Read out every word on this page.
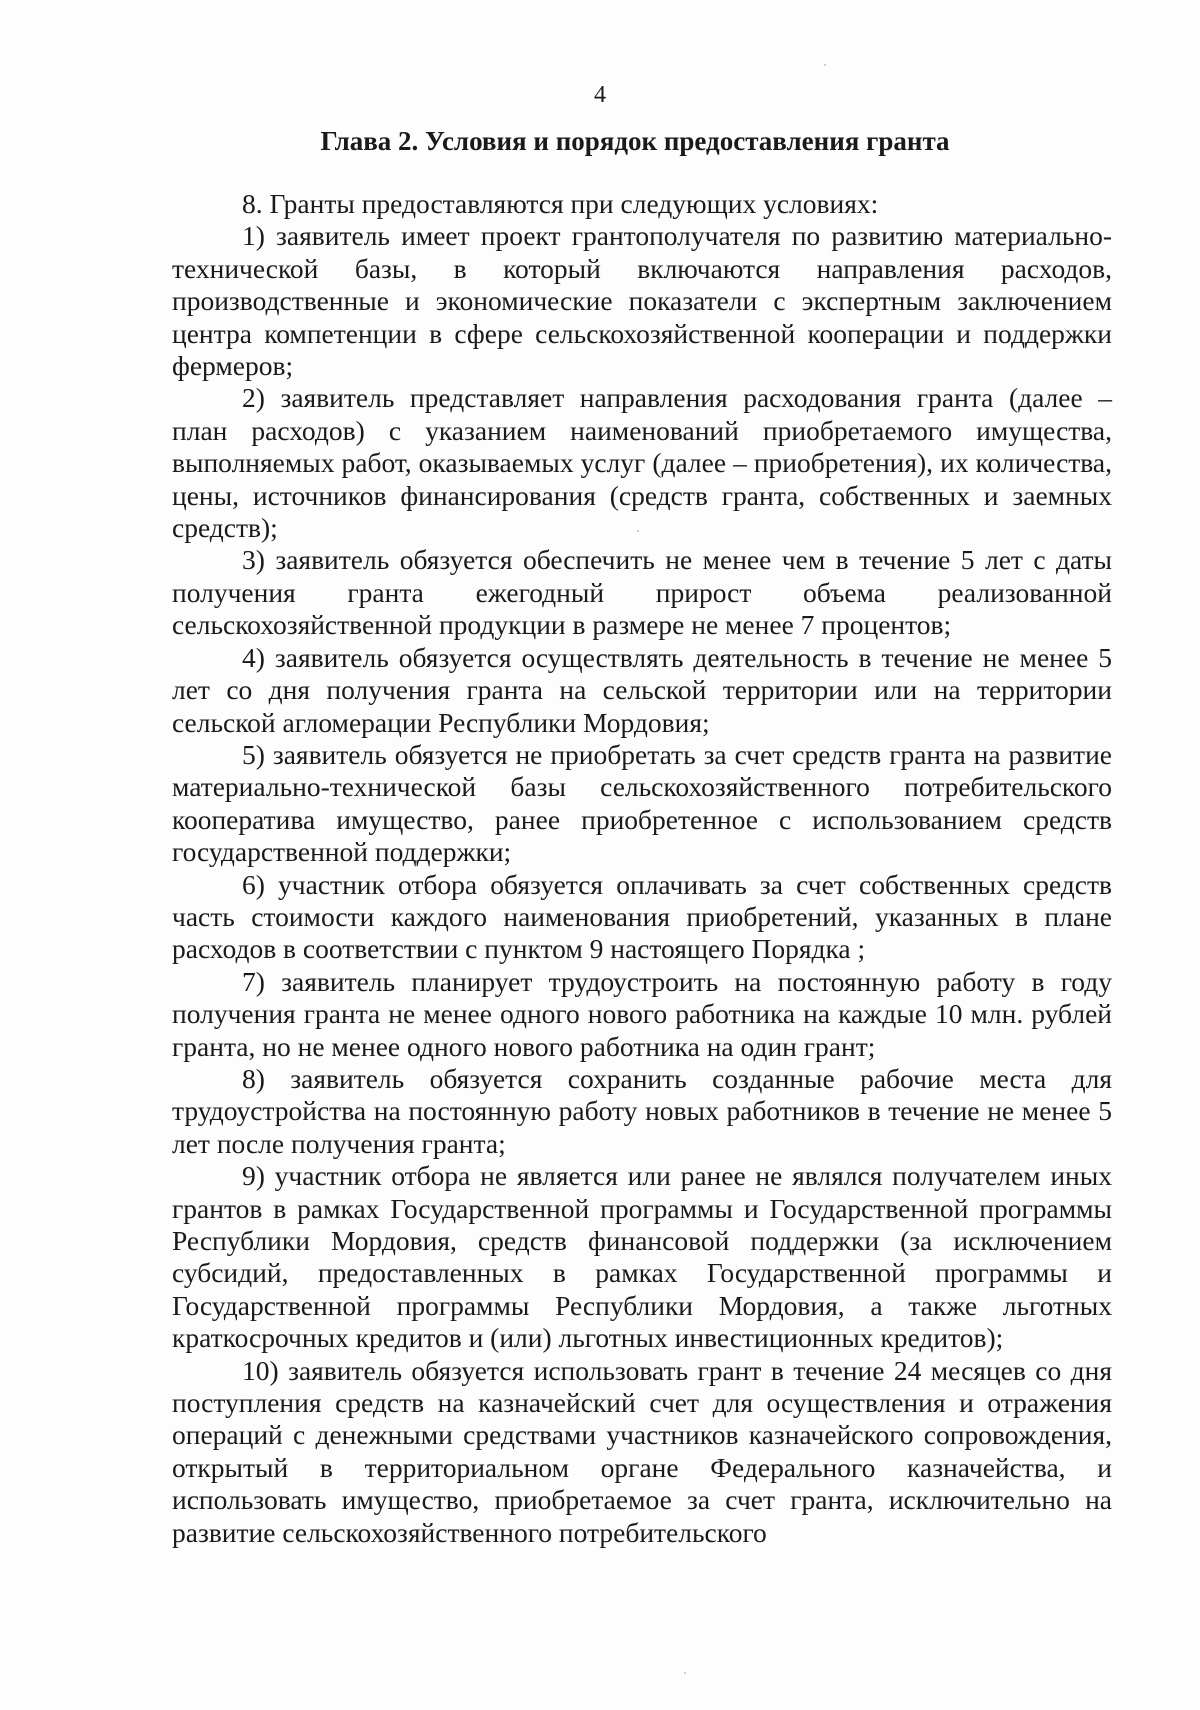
4
Глава 2. Условия и порядок предоставления гранта

8. Гранты предоставляются при следующих условиях:

1) заявитель имеет проект грантополучателя по развитию материально-технической базы, в который включаются направления расходов, производственные и экономические показатели с экспертным заключением центра компетенции в сфере сельскохозяйственной кооперации и поддержки фермеров;

2) заявитель представляет направления расходования гранта (далее – план расходов) с указанием наименований приобретаемого имущества, выполняемых работ, оказываемых услуг (далее – приобретения), их количества, цены, источников финансирования (средств гранта, собственных и заемных средств);

3) заявитель обязуется обеспечить не менее чем в течение 5 лет с даты получения гранта ежегодный прирост объема реализованной сельскохозяйственной продукции в размере не менее 7 процентов;

4) заявитель обязуется осуществлять деятельность в течение не менее 5 лет со дня получения гранта на сельской территории или на территории сельской агломерации Республики Мордовия;

5) заявитель обязуется не приобретать за счет средств гранта на развитие материально-технической базы сельскохозяйственного потребительского кооператива имущество, ранее приобретенное с использованием средств государственной поддержки;

6) участник отбора обязуется оплачивать за счет собственных средств часть стоимости каждого наименования приобретений, указанных в плане расходов в соответствии с пунктом 9 настоящего Порядка ;

7) заявитель планирует трудоустроить на постоянную работу в году получения гранта не менее одного нового работника на каждые 10 млн. рублей гранта, но не менее одного нового работника на один грант;

8) заявитель обязуется сохранить созданные рабочие места для трудоустройства на постоянную работу новых работников в течение не менее 5 лет после получения гранта;

9) участник отбора не является или ранее не являлся получателем иных грантов в рамках Государственной программы и Государственной программы Республики Мордовия, средств финансовой поддержки (за исключением субсидий, предоставленных в рамках Государственной программы и Государственной программы Республики Мордовия, а также льготных краткосрочных кредитов и (или) льготных инвестиционных кредитов);

10) заявитель обязуется использовать грант в течение 24 месяцев со дня поступления средств на казначейский счет для осуществления и отражения операций с денежными средствами участников казначейского сопровождения, открытый в территориальном органе Федерального казначейства, и использовать имущество, приобретаемое за счет гранта, исключительно на развитие сельскохозяйственного потребительского
